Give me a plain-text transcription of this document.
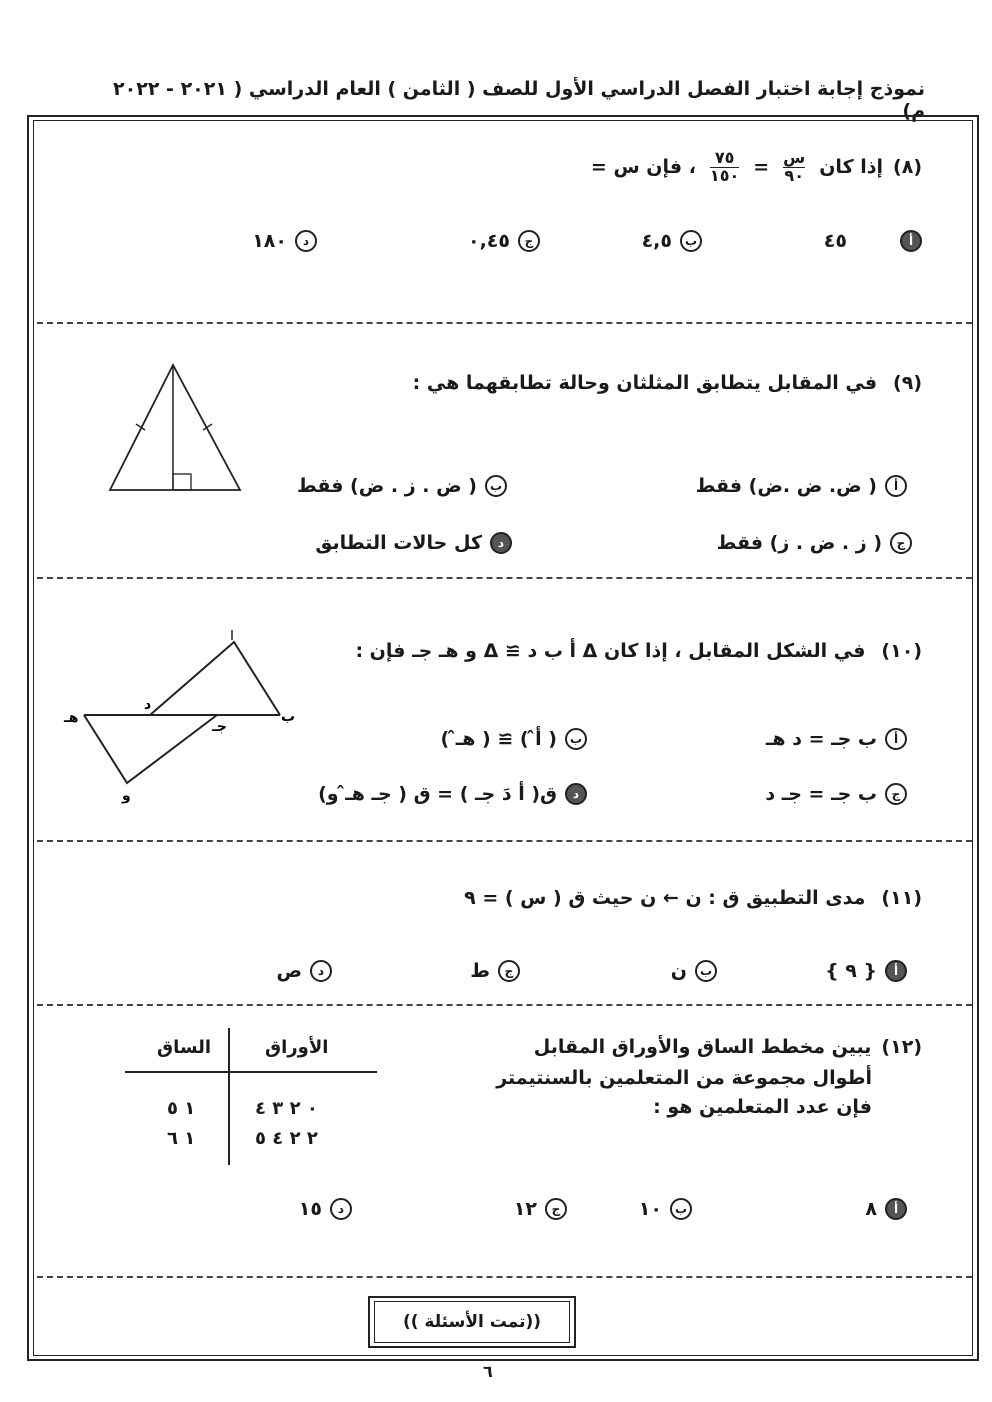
نموذج إجابة اختبار الفصل الدراسي الأول للصف ( الثامن ) العام الدراسي ( ٢٠٢١ - ٢٠٢٢ م)
(٨)
إذا كان
$\frac{\text{س}}{٩٠}$
=
$\frac{٧٥}{١٥٠}$
، فإن س =
أ
٤٥
ب
٤,٥
ج
٠,٤٥
د
١٨٠
(٩)
في المقابل يتطابق المثلثان وحالة تطابقهما هي :
أ
( ض. ض .ض) فقط
ب
( ض . ز . ض) فقط
ج
( ز . ض . ز) فقط
د
كل حالات التطابق
(١٠)
في الشكل المقابل ، إذا كان Δ أ ب د ≅ Δ و هـ جـ فإن :
هـ
د
جـ
ب
و
أ
ب جـ = د هـ
ب
( أ̂ ) ≅ ( هـ̂ )
ج
ب جـ = جـ د
د
ق( أ دَ جـ ) = ق ( جـ هـ̂ و)
(١١)
مدى التطبيق ق : ن ← ن حيث ق ( س ) = ٩
أ
{ ٩ }
ب
ن
ج
ط
د
ص
(١٢)
يبين مخطط الساق والأوراق المقابل
أطوال مجموعة من المتعلمين بالسنتيمتر
فإن عدد المتعلمين هو :
الأوراق
الساق
٠ ٢ ٣ ٤
١ ٥
٢ ٢ ٤ ٥
١ ٦
أ
٨
ب
١٠
ج
١٢
د
١٥
((تمت الأسئلة ))
٦
